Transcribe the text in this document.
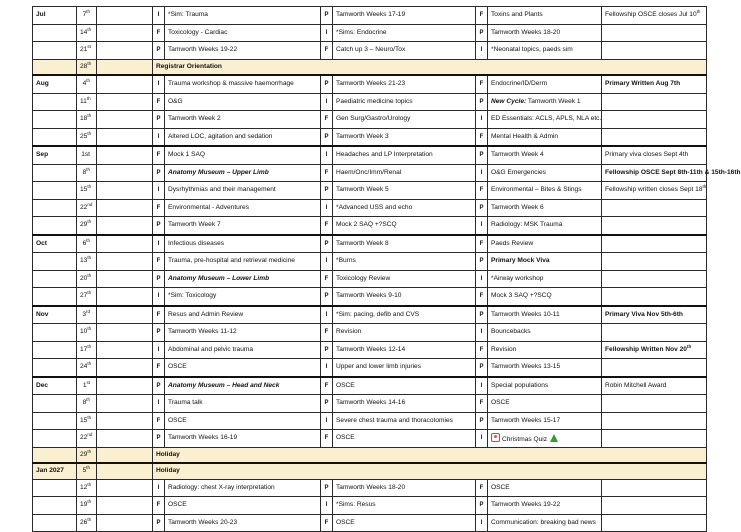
Jul	7th		I	*Sim: Trauma	P	Tamworth Weeks 17-19	F	Toxins and Plants	Fellowship OSCE closes Jul 10th
	14th		F	Toxicology - Cardiac	I	*Sims: Endocrine	P	Tamworth Weeks 18-20	
	21st		P	Tamworth Weeks 19-22	F	Catch up 3 – Neuro/Tox	I	*Neonatal topics, paeds sim	
	28th		Registrar Orientation						
Aug	4th		I	Trauma workshop & massive haemorrhage	P	Tamworth Weeks 21-23	F	Endocrine/ID/Derm	Primary Written Aug 7th
	11th		F	O&G	I	Paediatric medicine topics	P	New Cycle: Tamworth Week 1	
	18th		P	Tamworth Week 2	F	Gen Surg/Gastro/Urology	I	ED Essentials: ACLS, APLS, NLA etc.	
	25th		I	Altered LOC, agitation and sedation	P	Tamworth Week 3	F	Mental Health & Admin	
Sep	1st		F	Mock 1 SAQ	I	Headaches and LP Interpretation	P	Tamworth Week 4	Primary viva closes Sept 4th
	8th		P	Anatomy Museum – Upper Limb	F	Haem/Onc/Imm/Renal	I	O&G Emergencies	Fellowship OSCE Sept 8th-11th & 15th-16th
	15th		I	Dysrhythmias and their management	P	Tamworth Week 5	F	Environmental – Bites & Stings	Fellowship written closes Sept 18th
	22nd		F	Environmental - Adventures	I	*Advanced USS and echo	P	Tamworth Week 6	
	29th		P	Tamworth Week 7	F	Mock 2 SAQ +?SCQ	I	Radiology: MSK Trauma	
Oct	6th		I	Infectious diseases	P	Tamworth Week 8	F	Paeds Review	
	13th		F	Trauma, pre-hospital and retrieval medicine	I	*Burns	P	Primary Mock Viva	
	20th		P	Anatomy Museum – Lower Limb	F	Toxicology Review	I	*Airway workshop	
	27th		I	*Sim: Toxicology	P	Tamworth Weeks 9-10	F	Mock 3 SAQ +?SCQ	
Nov	3rd		F	Resus and Admin Review	I	*Sim: pacing, defib and CVS	P	Tamworth Weeks 10-11	Primary Viva Nov 5th-6th
	10th		P	Tamworth Weeks 11-12	F	Revision	I	Bouncebacks	
	17th		I	Abdominal and pelvic trauma	P	Tamworth Weeks 12-14	F	Revision	Fellowship Written Nov 20th
	24th		F	OSCE	I	Upper and lower limb injuries	P	Tamworth Weeks 13-15	
Dec	1st		P	Anatomy Museum – Head and Neck	F	OSCE	I	Special populations	Robin Mitchell Award
	8th		I	Trauma talk	P	Tamworth Weeks 14-16	F	OSCE	
	15th		F	OSCE	I	Severe chest trauma and thoracotomies	P	Tamworth Weeks 15-17	
	22nd		P	Tamworth Weeks 16-19	F	OSCE	I	Christmas Quiz	
	29th		Holiday						
Jan 2027	5th		Holiday						
	12th		I	Radiology: chest X-ray interpretation	P	Tamworth Weeks 18-20	F	OSCE	
	19th		F	OSCE	I	*Sims: Resus	P	Tamworth Weeks 19-22	
	26th		P	Tamworth Weeks 20-23	F	OSCE	I	Communication: breaking bad news	
